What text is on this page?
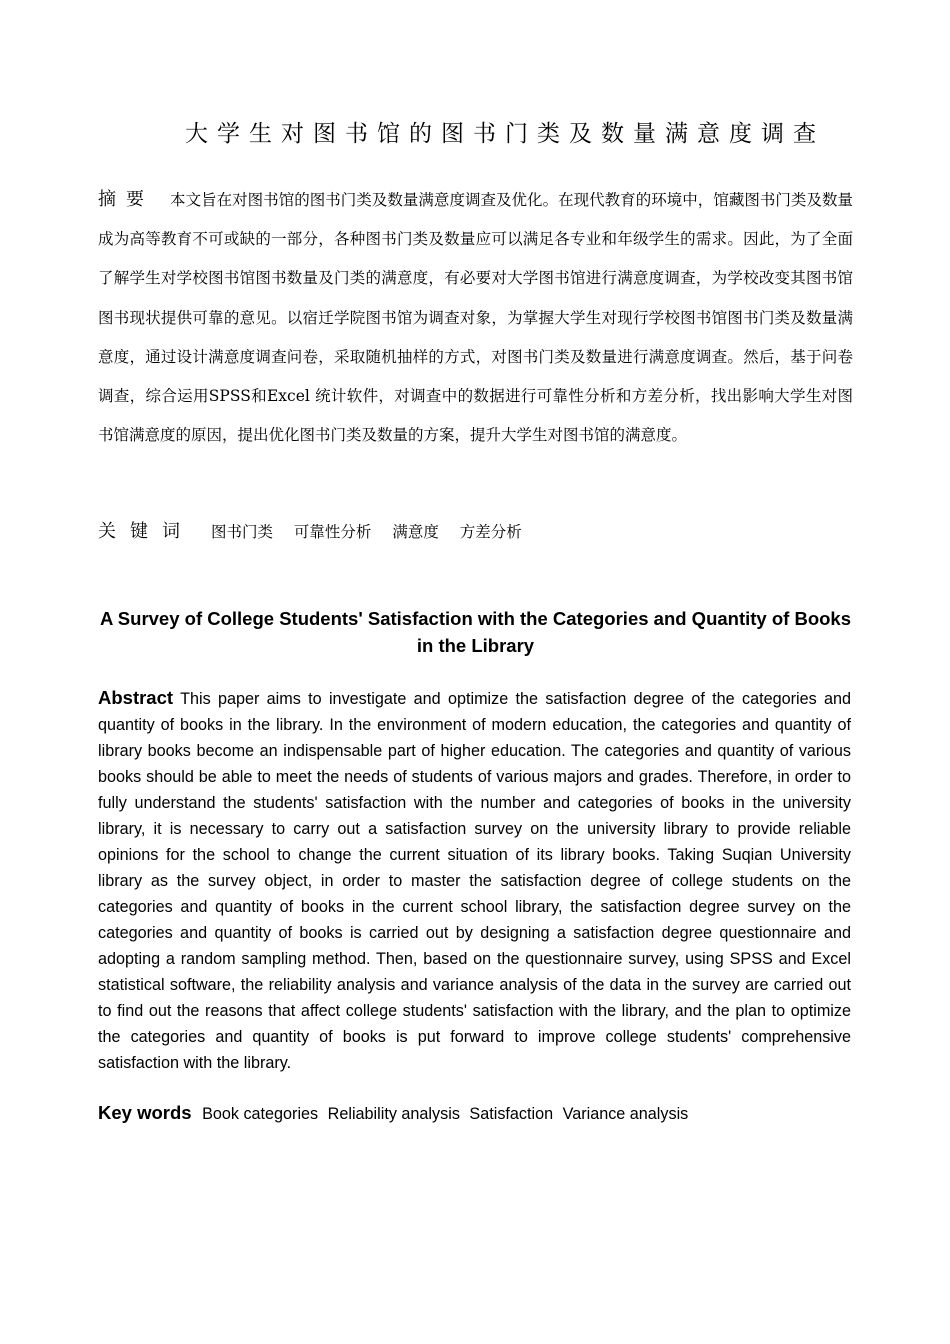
大学生对图书馆的图书门类及数量满意度调查
摘要 本文旨在对图书馆的图书门类及数量满意度调查及优化。在现代教育的环境中，馆藏图书门类及数量成为高等教育不可或缺的一部分，各种图书门类及数量应可以满足各专业和年级学生的需求。因此，为了全面了解学生对学校图书馆图书数量及门类的满意度，有必要对大学图书馆进行满意度调查，为学校改变其图书馆图书现状提供可靠的意见。以宿迁学院图书馆为调查对象，为掌握大学生对现行学校图书馆图书门类及数量满意度，通过设计满意度调查问卷，采取随机抽样的方式，对图书门类及数量进行满意度调查。然后，基于问卷调查，综合运用SPSS和Excel 统计软件，对调查中的数据进行可靠性分析和方差分析，找出影响大学生对图书馆满意度的原因，提出优化图书门类及数量的方案，提升大学生对图书馆的满意度。
关键词 图书门类 可靠性分析 满意度 方差分析
A Survey of College Students' Satisfaction with the Categories and Quantity of Books in the Library
Abstract This paper aims to investigate and optimize the satisfaction degree of the categories and quantity of books in the library. In the environment of modern education, the categories and quantity of library books become an indispensable part of higher education. The categories and quantity of various books should be able to meet the needs of students of various majors and grades. Therefore, in order to fully understand the students' satisfaction with the number and categories of books in the university library, it is necessary to carry out a satisfaction survey on the university library to provide reliable opinions for the school to change the current situation of its library books. Taking Suqian University library as the survey object, in order to master the satisfaction degree of college students on the categories and quantity of books in the current school library, the satisfaction degree survey on the categories and quantity of books is carried out by designing a satisfaction degree questionnaire and adopting a random sampling method. Then, based on the questionnaire survey, using SPSS and Excel statistical software, the reliability analysis and variance analysis of the data in the survey are carried out to find out the reasons that affect college students' satisfaction with the library, and the plan to optimize the categories and quantity of books is put forward to improve college students' comprehensive satisfaction with the library.
Key words Book categories Reliability analysis Satisfaction Variance analysis
